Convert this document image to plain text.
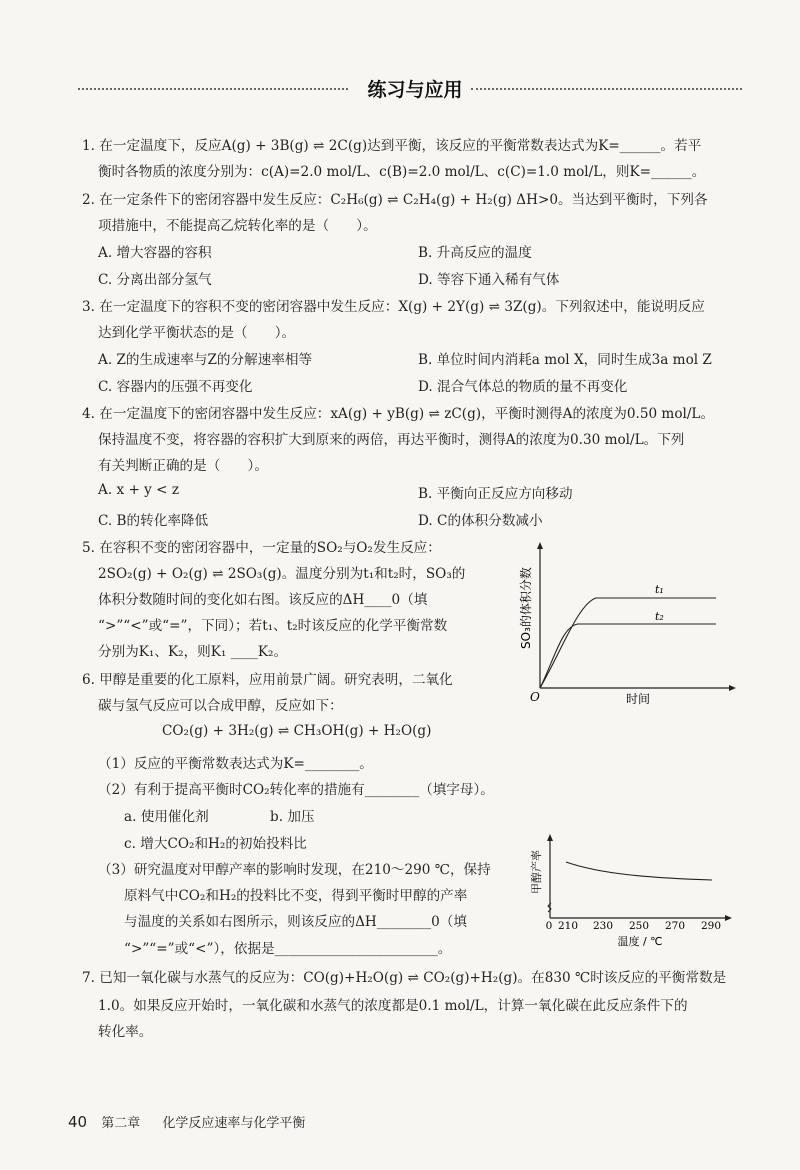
练习与应用
1. 在一定温度下，反应A(g) + 3B(g) ⇌ 2C(g)达到平衡，该反应的平衡常数表达式为K=______。若平
衡时各物质的浓度分别为：c(A)=2.0 mol/L、c(B)=2.0 mol/L、c(C)=1.0 mol/L，则K=______。
2. 在一定条件下的密闭容器中发生反应：C₂H₆(g) ⇌ C₂H₄(g) + H₂(g) ΔH>0。当达到平衡时，下列各
项措施中，不能提高乙烷转化率的是（　　）。
A. 增大容器的容积	B. 升高反应的温度
C. 分离出部分氢气	D. 等容下通入稀有气体
3. 在一定温度下的容积不变的密闭容器中发生反应：X(g) + 2Y(g) ⇌ 3Z(g)。下列叙述中，能说明反应
达到化学平衡状态的是（　　）。
A. Z的生成速率与Z的分解速率相等	B. 单位时间内消耗a mol X，同时生成3a mol Z
C. 容器内的压强不再变化	D. 混合气体总的物质的量不再变化
4. 在一定温度下的密闭容器中发生反应：xA(g) + yB(g) ⇌ zC(g)，平衡时测得A的浓度为0.50 mol/L。
保持温度不变，将容器的容积扩大到原来的两倍，再达平衡时，测得A的浓度为0.30 mol/L。下列
有关判断正确的是（　　）。
A. x + y < z	B. 平衡向正反应方向移动
C. B的转化率降低	D. C的体积分数减小
5. 在容积不变的密闭容器中，一定量的SO₂与O₂发生反应：
2SO₂(g) + O₂(g) ⇌ 2SO₃(g)。温度分别为t₁和t₂时，SO₃的
体积分数随时间的变化如右图。该反应的ΔH____0（填
“>”“<”或“=”，下同）；若t₁、t₂时该反应的化学平衡常数
分别为K₁、K₂，则K₁ ____K₂。
t₁
t₂
O	时间
SO₃的体积分数
6. 甲醇是重要的化工原料，应用前景广阔。研究表明，二氧化
碳与氢气反应可以合成甲醇，反应如下：
CO₂(g) + 3H₂(g) ⇌ CH₃OH(g) + H₂O(g)
（1）反应的平衡常数表达式为K=________。
（2）有利于提高平衡时CO₂转化率的措施有________（填字母）。
a. 使用催化剂	b. 加压
c. 增大CO₂和H₂的初始投料比
（3）研究温度对甲醇产率的影响时发现，在210～290 ℃，保持
原料气中CO₂和H₂的投料比不变，得到平衡时甲醇的产率
与温度的关系如右图所示，则该反应的ΔH________0（填
“>”“=”或“<”），依据是________________________。
0 210 230 250 270 290
温度 / ℃
甲醇产率
7. 已知一氧化碳与水蒸气的反应为：CO(g)+H₂O(g) ⇌ CO₂(g)+H₂(g)。在830 ℃时该反应的平衡常数是
1.0。如果反应开始时，一氧化碳和水蒸气的浓度都是0.1 mol/L，计算一氧化碳在此反应条件下的
转化率。
40 第二章 化学反应速率与化学平衡
